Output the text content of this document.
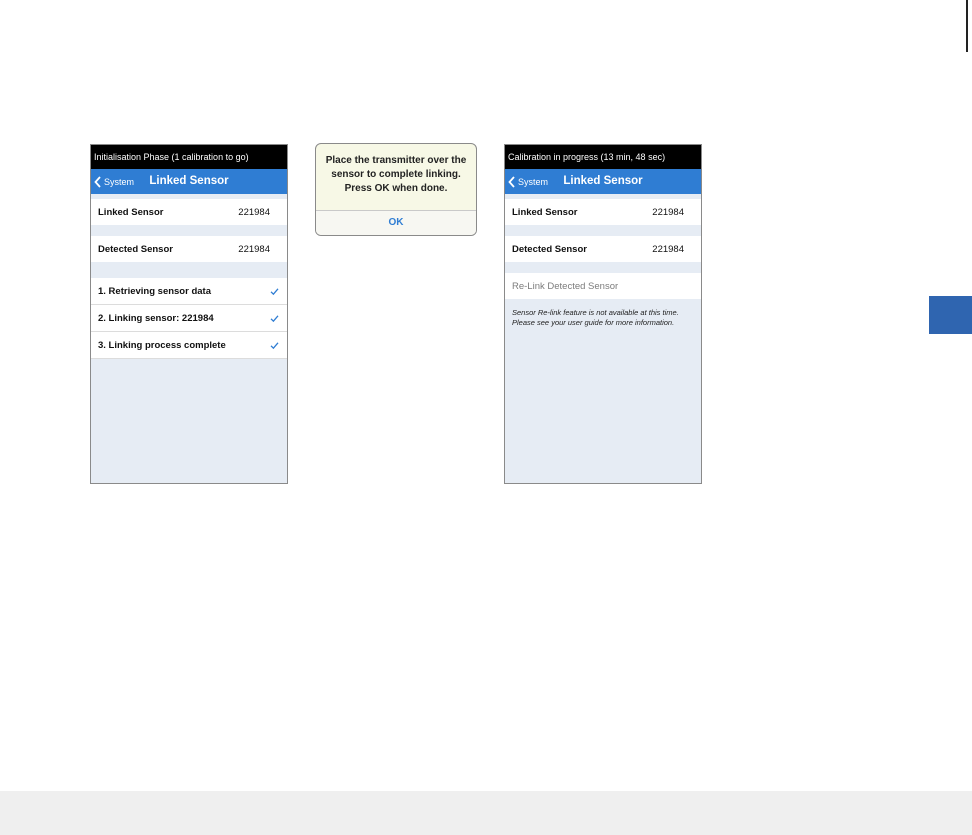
Initialisation Phase (1 calibration to go)
System	Linked Sensor
Linked Sensor	221984
Detected Sensor	221984
1. Retrieving sensor data
2. Linking sensor: 221984
3. Linking process complete
Place the transmitter over the
sensor to complete linking.
Press OK when done.
OK
Calibration in progress (13 min, 48 sec)
System	Linked Sensor
Linked Sensor	221984
Detected Sensor	221984
Re-Link Detected Sensor
Sensor Re-link feature is not available at this time.
Please see your user guide for more information.
